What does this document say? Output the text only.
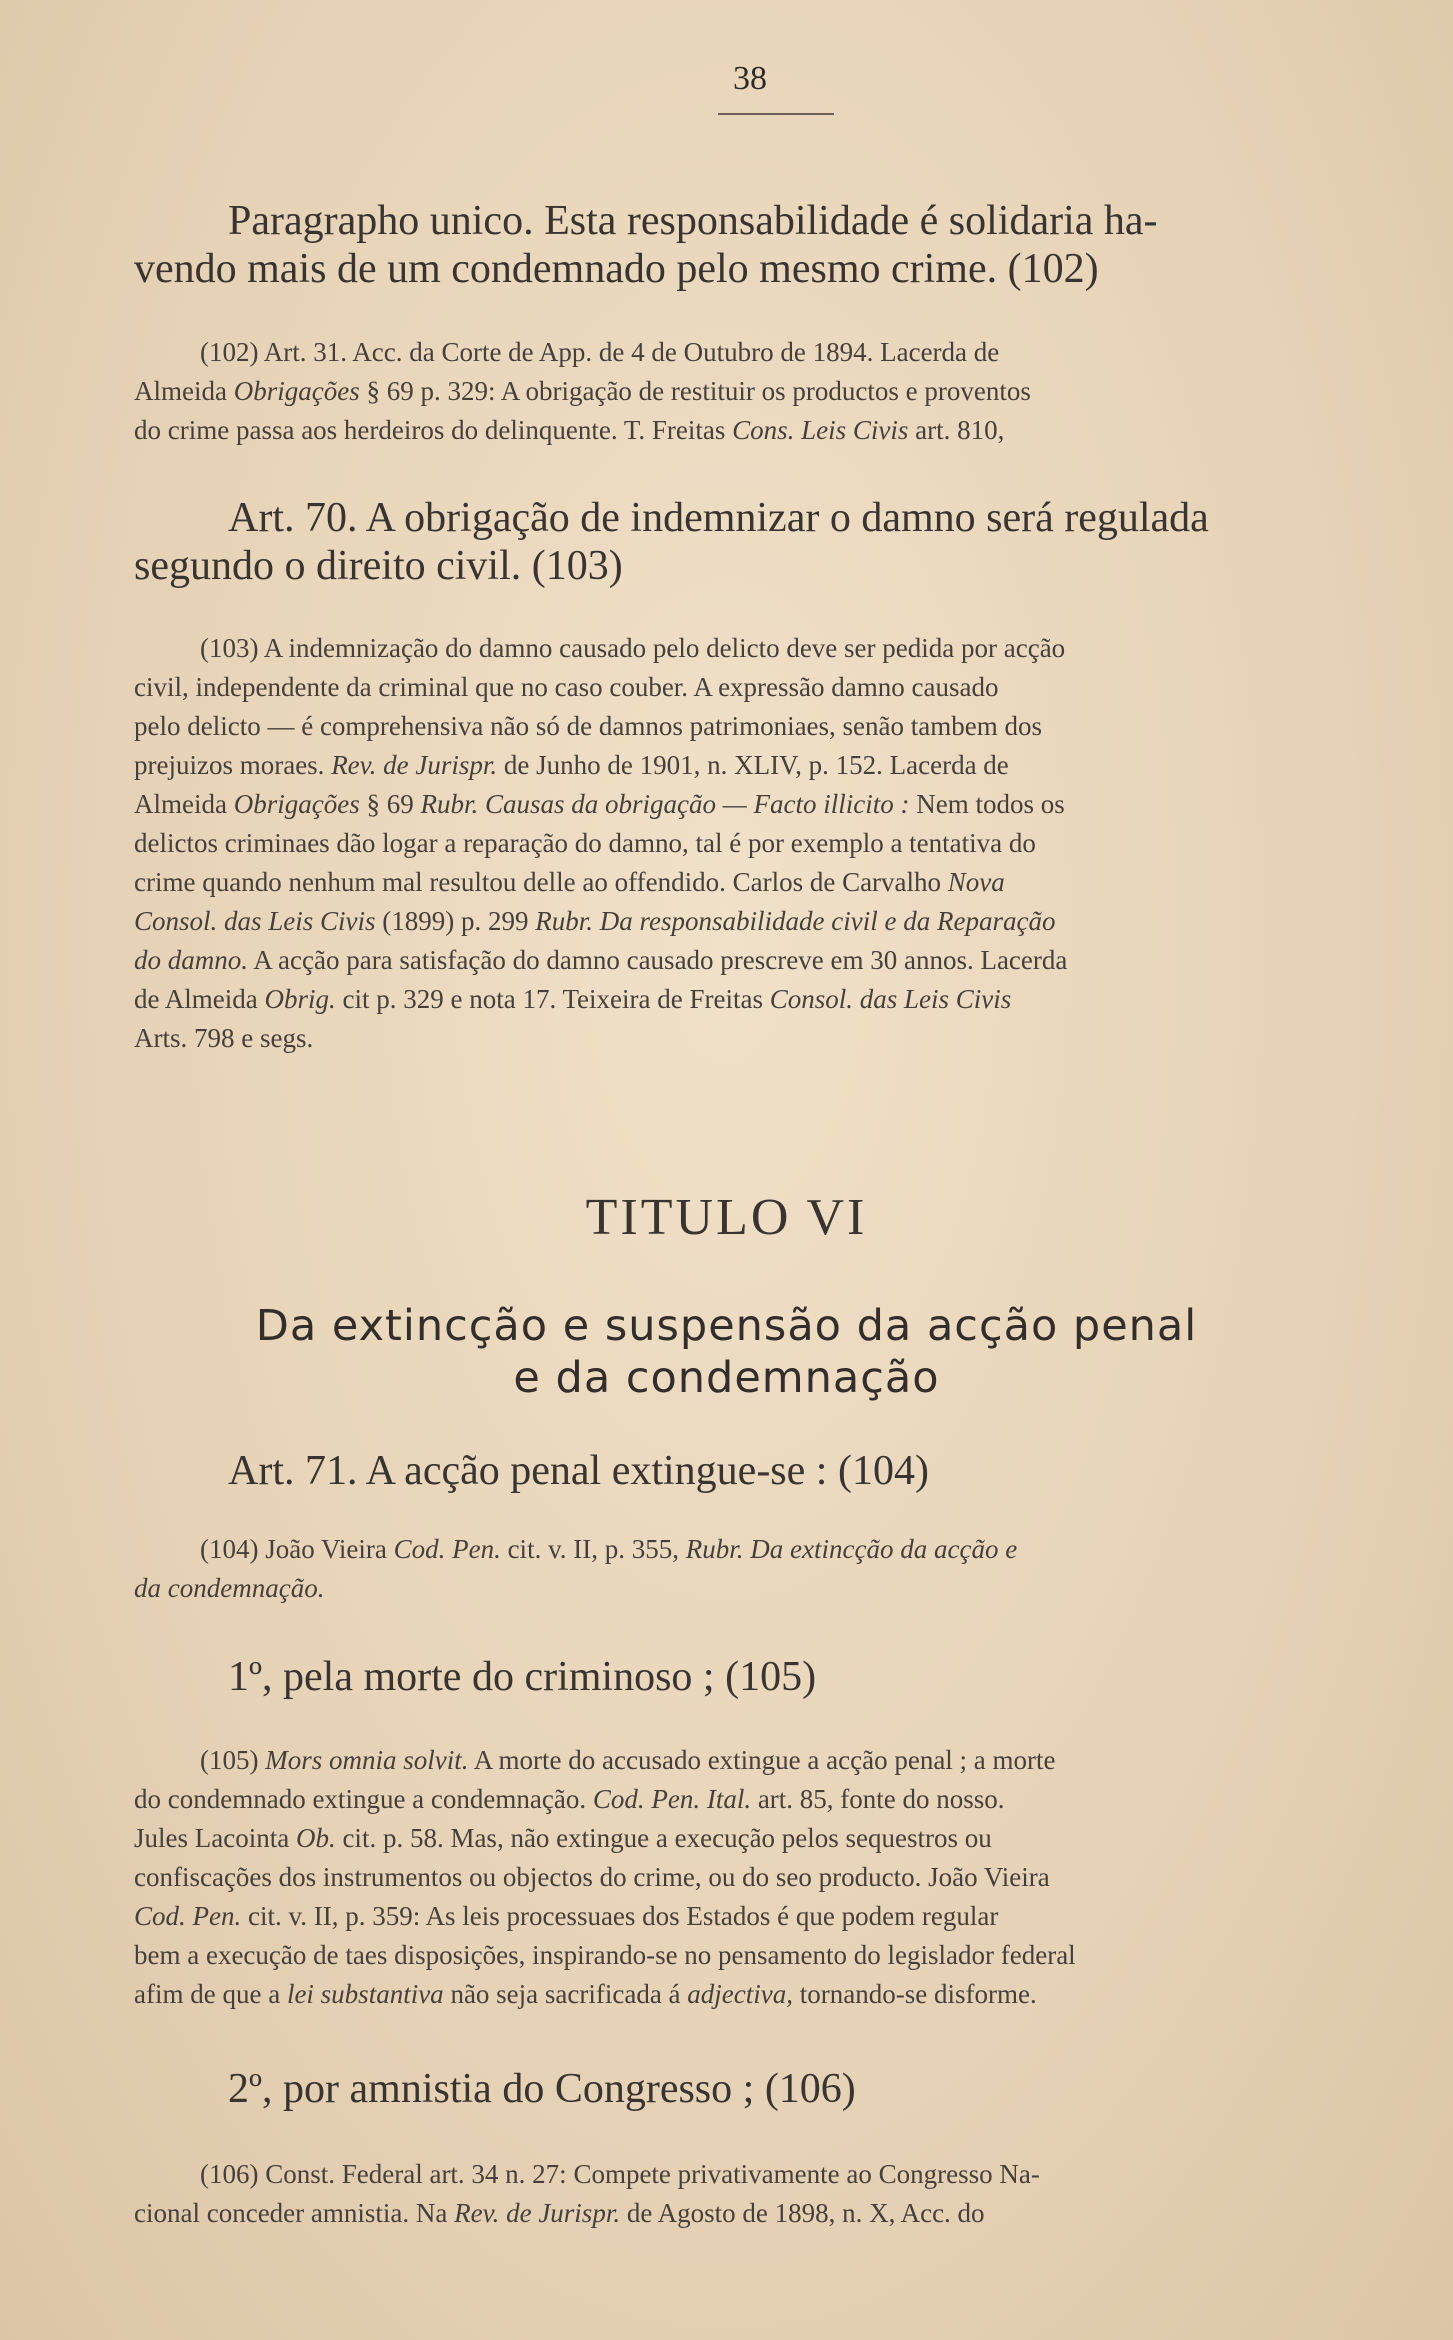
38
Paragrapho unico. Esta responsabilidade é solidaria ha-
vendo mais de um condemnado pelo mesmo crime. (102)
(102) Art. 31. Acc. da Corte de App. de 4 de Outubro de 1894. Lacerda de
Almeida Obrigações § 69 p. 329: A obrigação de restituir os productos e proventos
do crime passa aos herdeiros do delinquente. T. Freitas Cons. Leis Civis art. 810,
Art. 70. A obrigação de indemnizar o damno será regulada
segundo o direito civil. (103)
(103) A indemnização do damno causado pelo delicto deve ser pedida por acção
civil, independente da criminal que no caso couber. A expressão damno causado
pelo delicto — é comprehensiva não só de damnos patrimoniaes, senão tambem dos
prejuizos moraes. Rev. de Jurispr. de Junho de 1901, n. XLIV, p. 152. Lacerda de
Almeida Obrigações § 69 Rubr. Causas da obrigação — Facto illicito : Nem todos os
delictos criminaes dão logar a reparação do damno, tal é por exemplo a tentativa do
crime quando nenhum mal resultou delle ao offendido. Carlos de Carvalho Nova
Consol. das Leis Civis (1899) p. 299 Rubr. Da responsabilidade civil e da Reparação
do damno. A acção para satisfação do damno causado prescreve em 30 annos. Lacerda
de Almeida Obrig. cit p. 329 e nota 17. Teixeira de Freitas Consol. das Leis Civis
Arts. 798 e segs.
TITULO VI
Da extincção e suspensão da acção penal
e da condemnação
Art. 71. A acção penal extingue-se : (104)
(104) João Vieira Cod. Pen. cit. v. II, p. 355, Rubr. Da extincção da acção e
da condemnação.
1º, pela morte do criminoso ; (105)
(105) Mors omnia solvit. A morte do accusado extingue a acção penal ; a morte
do condemnado extingue a condemnação. Cod. Pen. Ital. art. 85, fonte do nosso.
Jules Lacointa Ob. cit. p. 58. Mas, não extingue a execução pelos sequestros ou
confiscações dos instrumentos ou objectos do crime, ou do seo producto. João Vieira
Cod. Pen. cit. v. II, p. 359: As leis processuaes dos Estados é que podem regular
bem a execução de taes disposições, inspirando-se no pensamento do legislador federal
afim de que a lei substantiva não seja sacrificada á adjectiva, tornando-se disforme.
2º, por amnistia do Congresso ; (106)
(106) Const. Federal art. 34 n. 27: Compete privativamente ao Congresso Na-
cional conceder amnistia. Na Rev. de Jurispr. de Agosto de 1898, n. X, Acc. do
